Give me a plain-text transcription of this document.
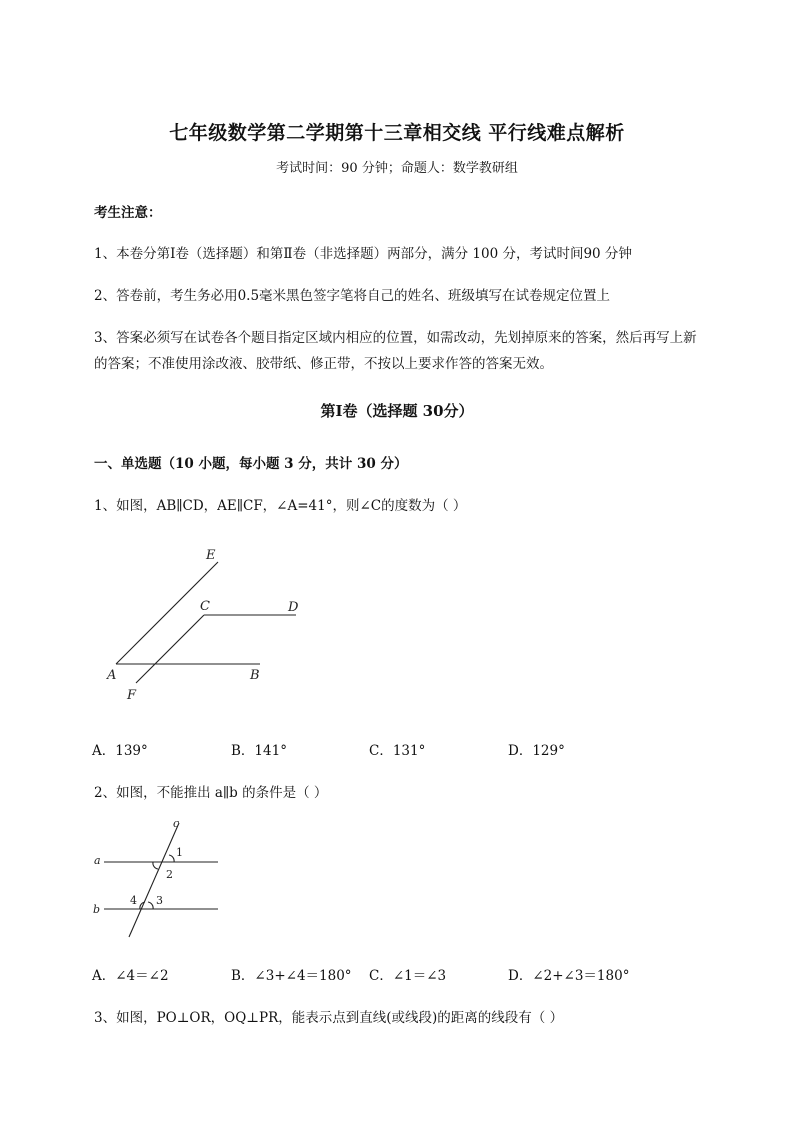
七年级数学第二学期第十三章相交线 平行线难点解析
考试时间：90 分钟；命题人：数学教研组
考生注意：
1、本卷分第Ⅰ卷（选择题）和第Ⅱ卷（非选择题）两部分，满分 100 分，考试时间90 分钟
2、答卷前，考生务必用0.5毫米黑色签字笔将自己的姓名、班级填写在试卷规定位置上
3、答案必须写在试卷各个题目指定区域内相应的位置，如需改动，先划掉原来的答案，然后再写上新
的答案；不准使用涂改液、胶带纸、修正带，不按以上要求作答的答案无效。
第Ⅰ卷（选择题 30分）
一、单选题（10 小题，每小题 3 分，共计 30 分）
1、如图，AB∥CD，AE∥CF，∠A=41°，则∠C的度数为（ ）
E
C	D
A	B
F
A．139°	B．141°	C．131°	D．129°
2、如图，不能推出 a∥b 的条件是（ ）
c
1
2
a
4 3
b
A．∠4＝∠2	B．∠3+∠4＝180° C．∠1＝∠3	D．∠2+∠3＝180°
3、如图，PO⊥OR，OQ⊥PR，能表示点到直线(或线段)的距离的线段有（ ）
